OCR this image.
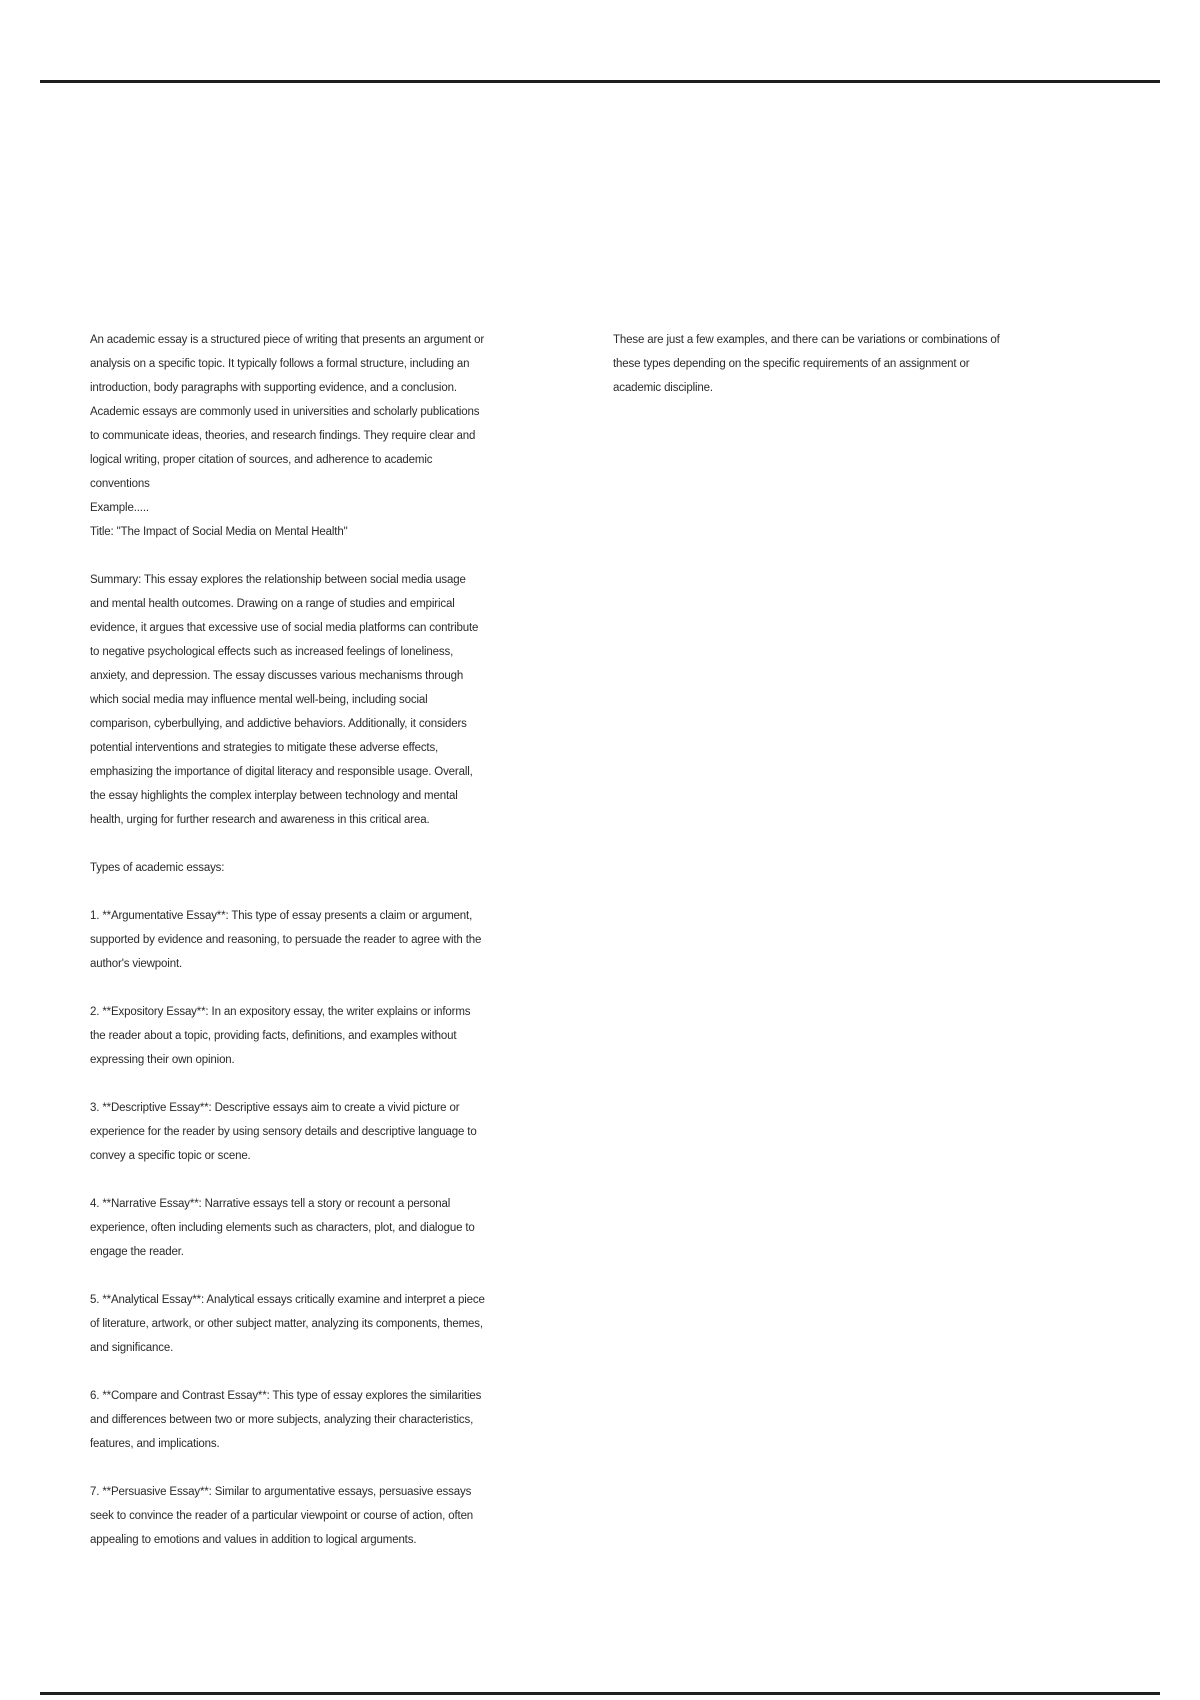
An academic essay is a structured piece of writing that presents an argument or analysis on a specific topic. It typically follows a formal structure, including an introduction, body paragraphs with supporting evidence, and a conclusion. Academic essays are commonly used in universities and scholarly publications to communicate ideas, theories, and research findings. They require clear and logical writing, proper citation of sources, and adherence to academic conventions

Example.....

Title: "The Impact of Social Media on Mental Health"

Summary: This essay explores the relationship between social media usage and mental health outcomes. Drawing on a range of studies and empirical evidence, it argues that excessive use of social media platforms can contribute to negative psychological effects such as increased feelings of loneliness, anxiety, and depression. The essay discusses various mechanisms through which social media may influence mental well-being, including social comparison, cyberbullying, and addictive behaviors. Additionally, it considers potential interventions and strategies to mitigate these adverse effects, emphasizing the importance of digital literacy and responsible usage. Overall, the essay highlights the complex interplay between technology and mental health, urging for further research and awareness in this critical area.

Types of academic essays:

1. **Argumentative Essay**: This type of essay presents a claim or argument, supported by evidence and reasoning, to persuade the reader to agree with the author's viewpoint.

2. **Expository Essay**: In an expository essay, the writer explains or informs the reader about a topic, providing facts, definitions, and examples without expressing their own opinion.

3. **Descriptive Essay**: Descriptive essays aim to create a vivid picture or experience for the reader by using sensory details and descriptive language to convey a specific topic or scene.

4. **Narrative Essay**: Narrative essays tell a story or recount a personal experience, often including elements such as characters, plot, and dialogue to engage the reader.

5. **Analytical Essay**: Analytical essays critically examine and interpret a piece of literature, artwork, or other subject matter, analyzing its components, themes, and significance.

6. **Compare and Contrast Essay**: This type of essay explores the similarities and differences between two or more subjects, analyzing their characteristics, features, and implications.

7. **Persuasive Essay**: Similar to argumentative essays, persuasive essays seek to convince the reader of a particular viewpoint or course of action, often appealing to emotions and values in addition to logical arguments.

These are just a few examples, and there can be variations or combinations of these types depending on the specific requirements of an assignment or academic discipline.
